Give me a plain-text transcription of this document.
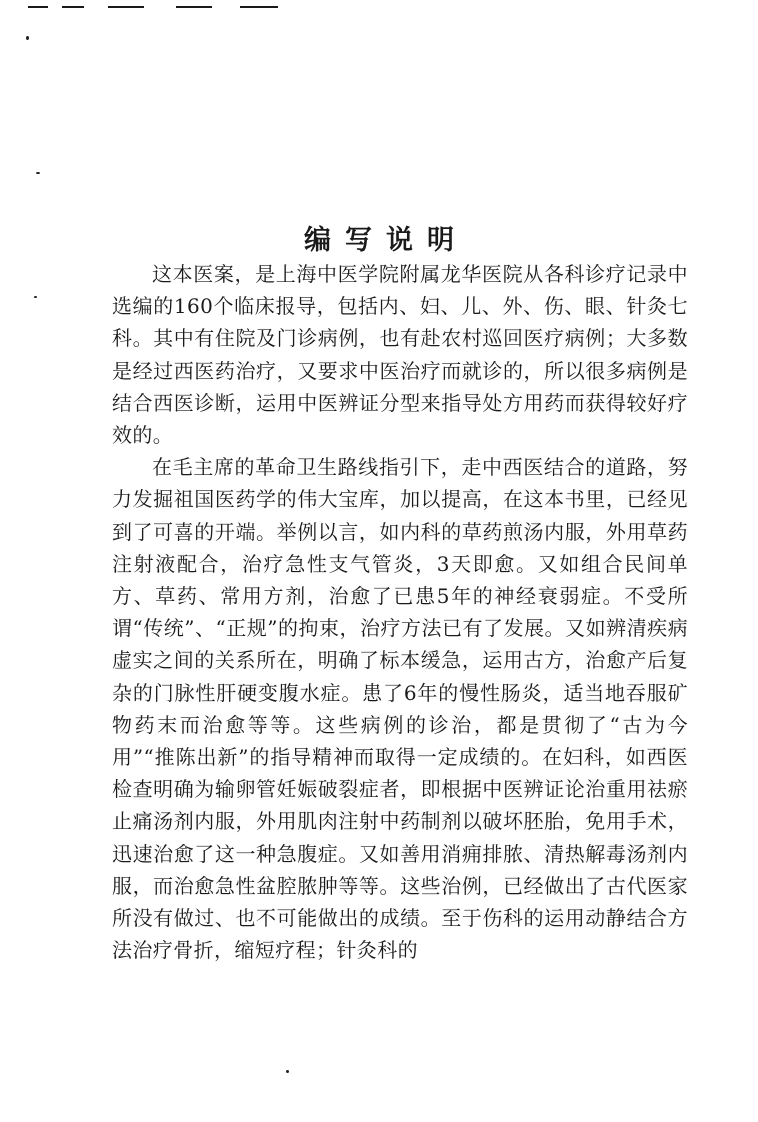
编写说明

这本医案，是上海中医学院附属龙华医院从各科诊疗记录中选编的160个临床报导，包括内、妇、儿、外、伤、眼、针灸七科。其中有住院及门诊病例，也有赴农村巡回医疗病例；大多数是经过西医药治疗，又要求中医治疗而就诊的，所以很多病例是结合西医诊断，运用中医辨证分型来指导处方用药而获得较好疗效的。

在毛主席的革命卫生路线指引下，走中西医结合的道路，努力发掘祖国医药学的伟大宝库，加以提高，在这本书里，已经见到了可喜的开端。举例以言，如内科的草药煎汤内服，外用草药注射液配合，治疗急性支气管炎，3天即愈。又如组合民间单方、草药、常用方剂，治愈了已患5年的神经衰弱症。不受所谓“传统”、“正规”的拘束，治疗方法已有了发展。又如辨清疾病虚实之间的关系所在，明确了标本缓急，运用古方，治愈产后复杂的门脉性肝硬变腹水症。患了6年的慢性肠炎，适当地吞服矿物药末而治愈等等。这些病例的诊治，都是贯彻了“古为今用”“推陈出新”的指导精神而取得一定成绩的。在妇科，如西医检查明确为输卵管妊娠破裂症者，即根据中医辨证论治重用祛瘀止痛汤剂内服，外用肌肉注射中药制剂以破坏胚胎，免用手术，迅速治愈了这一种急腹症。又如善用消痈排脓、清热解毒汤剂内服，而治愈急性盆腔脓肿等等。这些治例，已经做出了古代医家所没有做过、也不可能做出的成绩。至于伤科的运用动静结合方法治疗骨折，缩短疗程；针灸科的
